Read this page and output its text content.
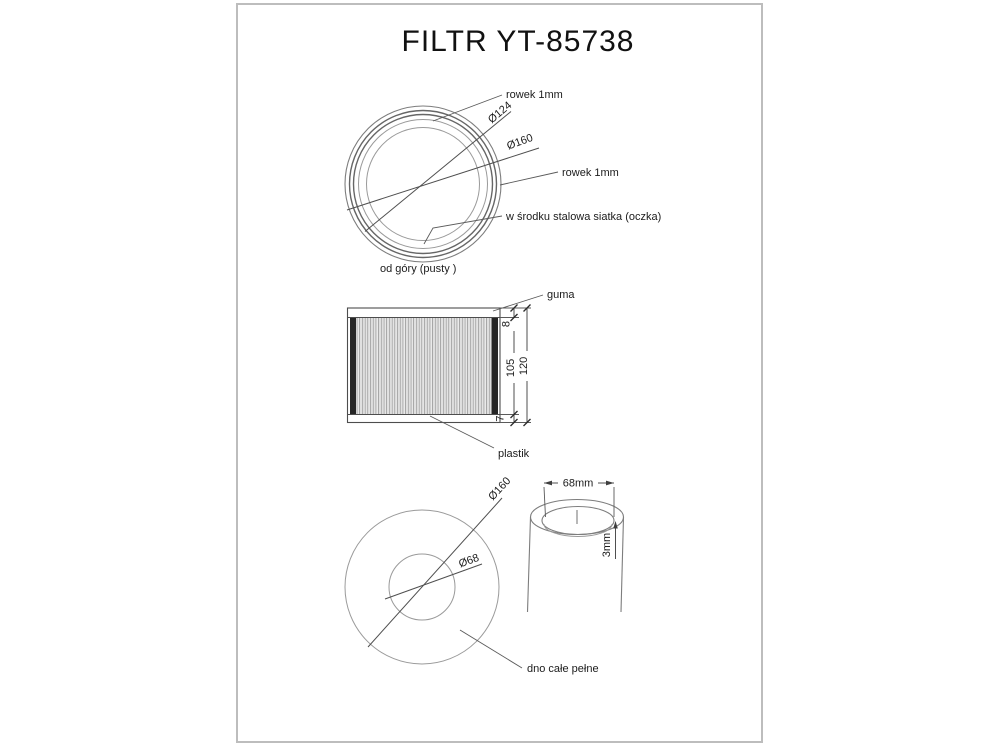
FILTR YT-85738
Ø124
Ø160
rowek 1mm
rowek 1mm
w środku stalowa siatka (oczka)
od góry (pusty )
8
105 120
7
guma
plastik
Ø160
Ø68
dno całe pełne
68mm
3mm
